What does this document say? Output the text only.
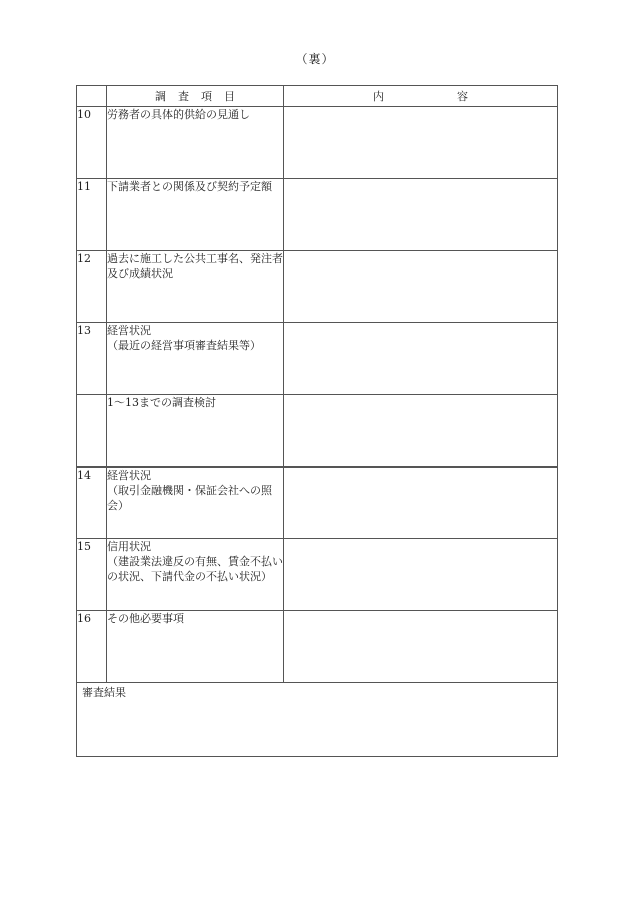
（裏）
	調査項目	内 容

10	労務者の具体的供給の見通し	
11	下請業者との関係及び契約予定額	
12	過去に施工した公共工事名、発注者及び成績状況	
13	経営状況
（最近の経営事項審査結果等）	
	1〜13までの調査検討	
14	経営状況
（取引金融機関・保証会社への照会）	
15	信用状況
（建設業法違反の有無、賃金不払いの状況、下請代金の不払い状況）	
16	その他必要事項	

審査結果		
